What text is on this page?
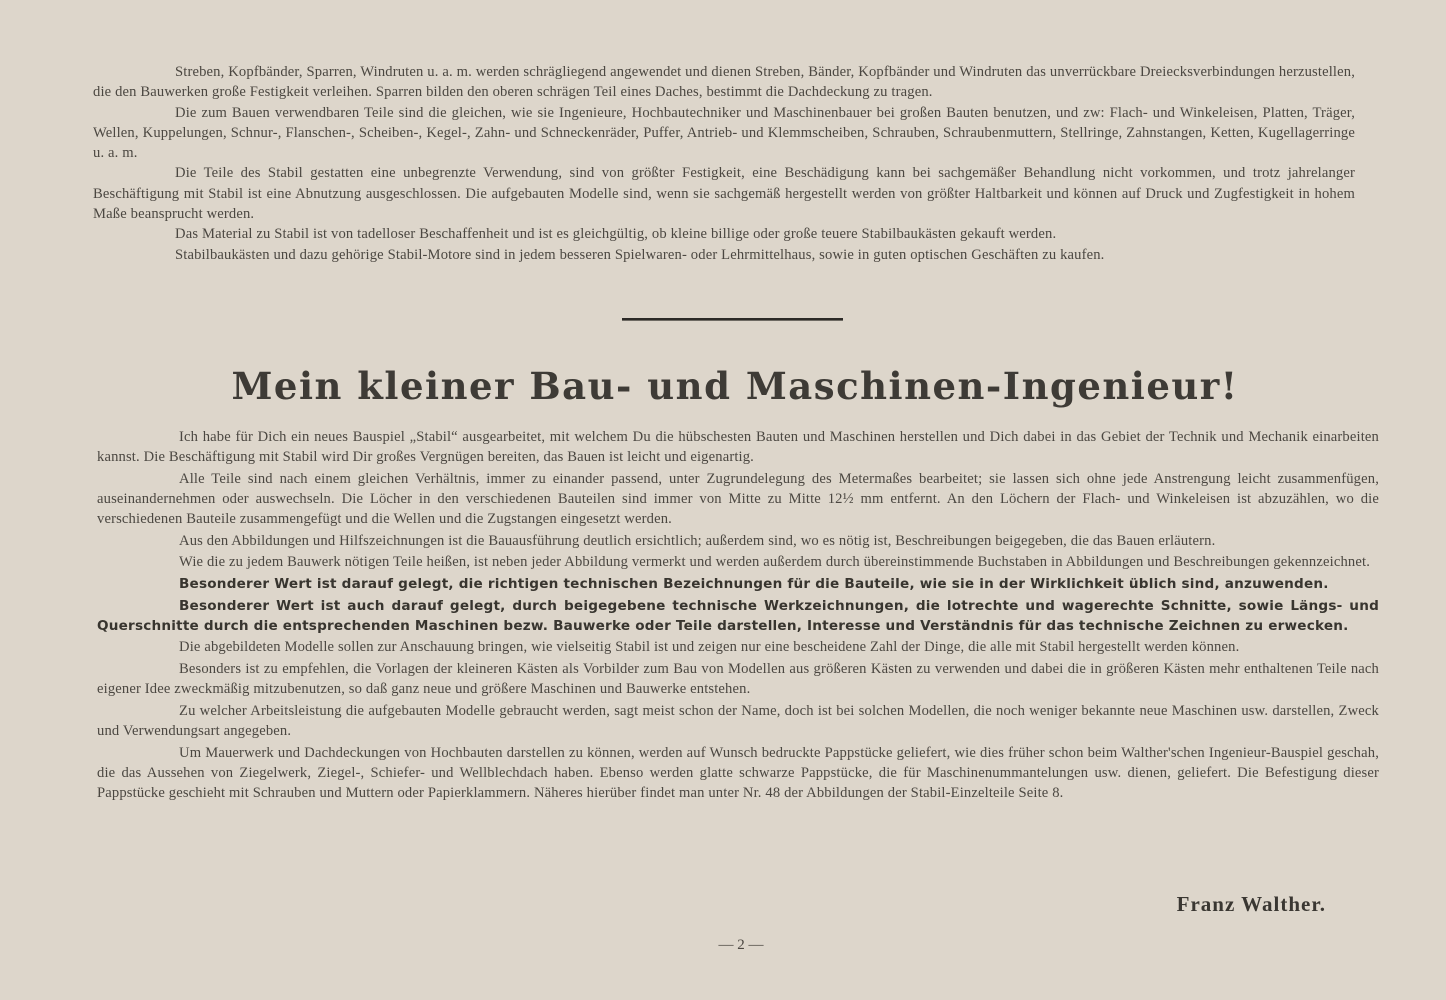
Streben, Kopfbänder, Sparren, Windruten u. a. m. werden schrägliegend angewendet und dienen Streben, Bänder, Kopfbänder und Windruten das unverrückbare Dreiecksverbindungen herzustellen, die den Bauwerken große Festigkeit verleihen. Sparren bilden den oberen schrägen Teil eines Daches, bestimmt die Dachdeckung zu tragen.

Die zum Bauen verwendbaren Teile sind die gleichen, wie sie Ingenieure, Hochbautechniker und Maschinenbauer bei großen Bauten benutzen, und zw: Flach- und Winkeleisen, Platten, Träger, Wellen, Kuppelungen, Schnur-, Flanschen-, Scheiben-, Kegel-, Zahn- und Schneckenräder, Puffer, Antrieb- und Klemmscheiben, Schrauben, Schraubenmuttern, Stellringe, Zahnstangen, Ketten, Kugellagerringe u. a. m.

Die Teile des Stabil gestatten eine unbegrenzte Verwendung, sind von größter Festigkeit, eine Beschädigung kann bei sachgemäßer Behandlung nicht vorkommen, und trotz jahrelanger Beschäftigung mit Stabil ist eine Abnutzung ausgeschlossen. Die aufgebauten Modelle sind, wenn sie sachgemäß hergestellt werden von größter Haltbarkeit und können auf Druck und Zugfestigkeit in hohem Maße beansprucht werden.

Das Material zu Stabil ist von tadelloser Beschaffenheit und ist es gleichgültig, ob kleine billige oder große teuere Stabilbaukästen gekauft werden.

Stabilbaukästen und dazu gehörige Stabil-Motore sind in jedem besseren Spielwaren- oder Lehrmittelhaus, sowie in guten optischen Geschäften zu kaufen.

Mein kleiner Bau- und Maschinen-Ingenieur!

Ich habe für Dich ein neues Bauspiel „Stabil“ ausgearbeitet, mit welchem Du die hübschesten Bauten und Maschinen herstellen und Dich dabei in das Gebiet der Technik und Mechanik einarbeiten kannst. Die Beschäftigung mit Stabil wird Dir großes Vergnügen bereiten, das Bauen ist leicht und eigenartig.

Alle Teile sind nach einem gleichen Verhältnis, immer zu einander passend, unter Zugrundelegung des Metermaßes bearbeitet; sie lassen sich ohne jede Anstrengung leicht zusammenfügen, auseinandernehmen oder auswechseln. Die Löcher in den verschiedenen Bauteilen sind immer von Mitte zu Mitte 12½ mm entfernt. An den Löchern der Flach- und Winkeleisen ist abzuzählen, wo die verschiedenen Bauteile zusammengefügt und die Wellen und die Zugstangen eingesetzt werden.

Aus den Abbildungen und Hilfszeichnungen ist die Bauausführung deutlich ersichtlich; außerdem sind, wo es nötig ist, Beschreibungen beigegeben, die das Bauen erläutern.

Wie die zu jedem Bauwerk nötigen Teile heißen, ist neben jeder Abbildung vermerkt und werden außerdem durch übereinstimmende Buchstaben in Abbildungen und Beschreibungen gekennzeichnet.

Besonderer Wert ist darauf gelegt, die richtigen technischen Bezeichnungen für die Bauteile, wie sie in der Wirklichkeit üblich sind, anzuwenden.

Besonderer Wert ist auch darauf gelegt, durch beigegebene technische Werkzeichnungen, die lotrechte und wagerechte Schnitte, sowie Längs- und Querschnitte durch die entsprechenden Maschinen bezw. Bauwerke oder Teile darstellen, Interesse und Verständnis für das technische Zeichnen zu erwecken.

Die abgebildeten Modelle sollen zur Anschauung bringen, wie vielseitig Stabil ist und zeigen nur eine bescheidene Zahl der Dinge, die alle mit Stabil hergestellt werden können.

Besonders ist zu empfehlen, die Vorlagen der kleineren Kästen als Vorbilder zum Bau von Modellen aus größeren Kästen zu verwenden und dabei die in größeren Kästen mehr enthaltenen Teile nach eigener Idee zweckmäßig mitzubenutzen, so daß ganz neue und größere Maschinen und Bauwerke entstehen.

Zu welcher Arbeitsleistung die aufgebauten Modelle gebraucht werden, sagt meist schon der Name, doch ist bei solchen Modellen, die noch weniger bekannte neue Maschinen usw. darstellen, Zweck und Verwendungsart angegeben.

Um Mauerwerk und Dachdeckungen von Hochbauten darstellen zu können, werden auf Wunsch bedruckte Pappstücke geliefert, wie dies früher schon beim Walther'schen Ingenieur-Bauspiel geschah, die das Aussehen von Ziegelwerk, Ziegel-, Schiefer- und Wellblechdach haben. Ebenso werden glatte schwarze Pappstücke, die für Maschinenummantelungen usw. dienen, geliefert. Die Befestigung dieser Pappstücke geschieht mit Schrauben und Muttern oder Papierklammern. Näheres hierüber findet man unter Nr. 48 der Abbildungen der Stabil-Einzelteile Seite 8.

Franz Walther.
— 2 —
